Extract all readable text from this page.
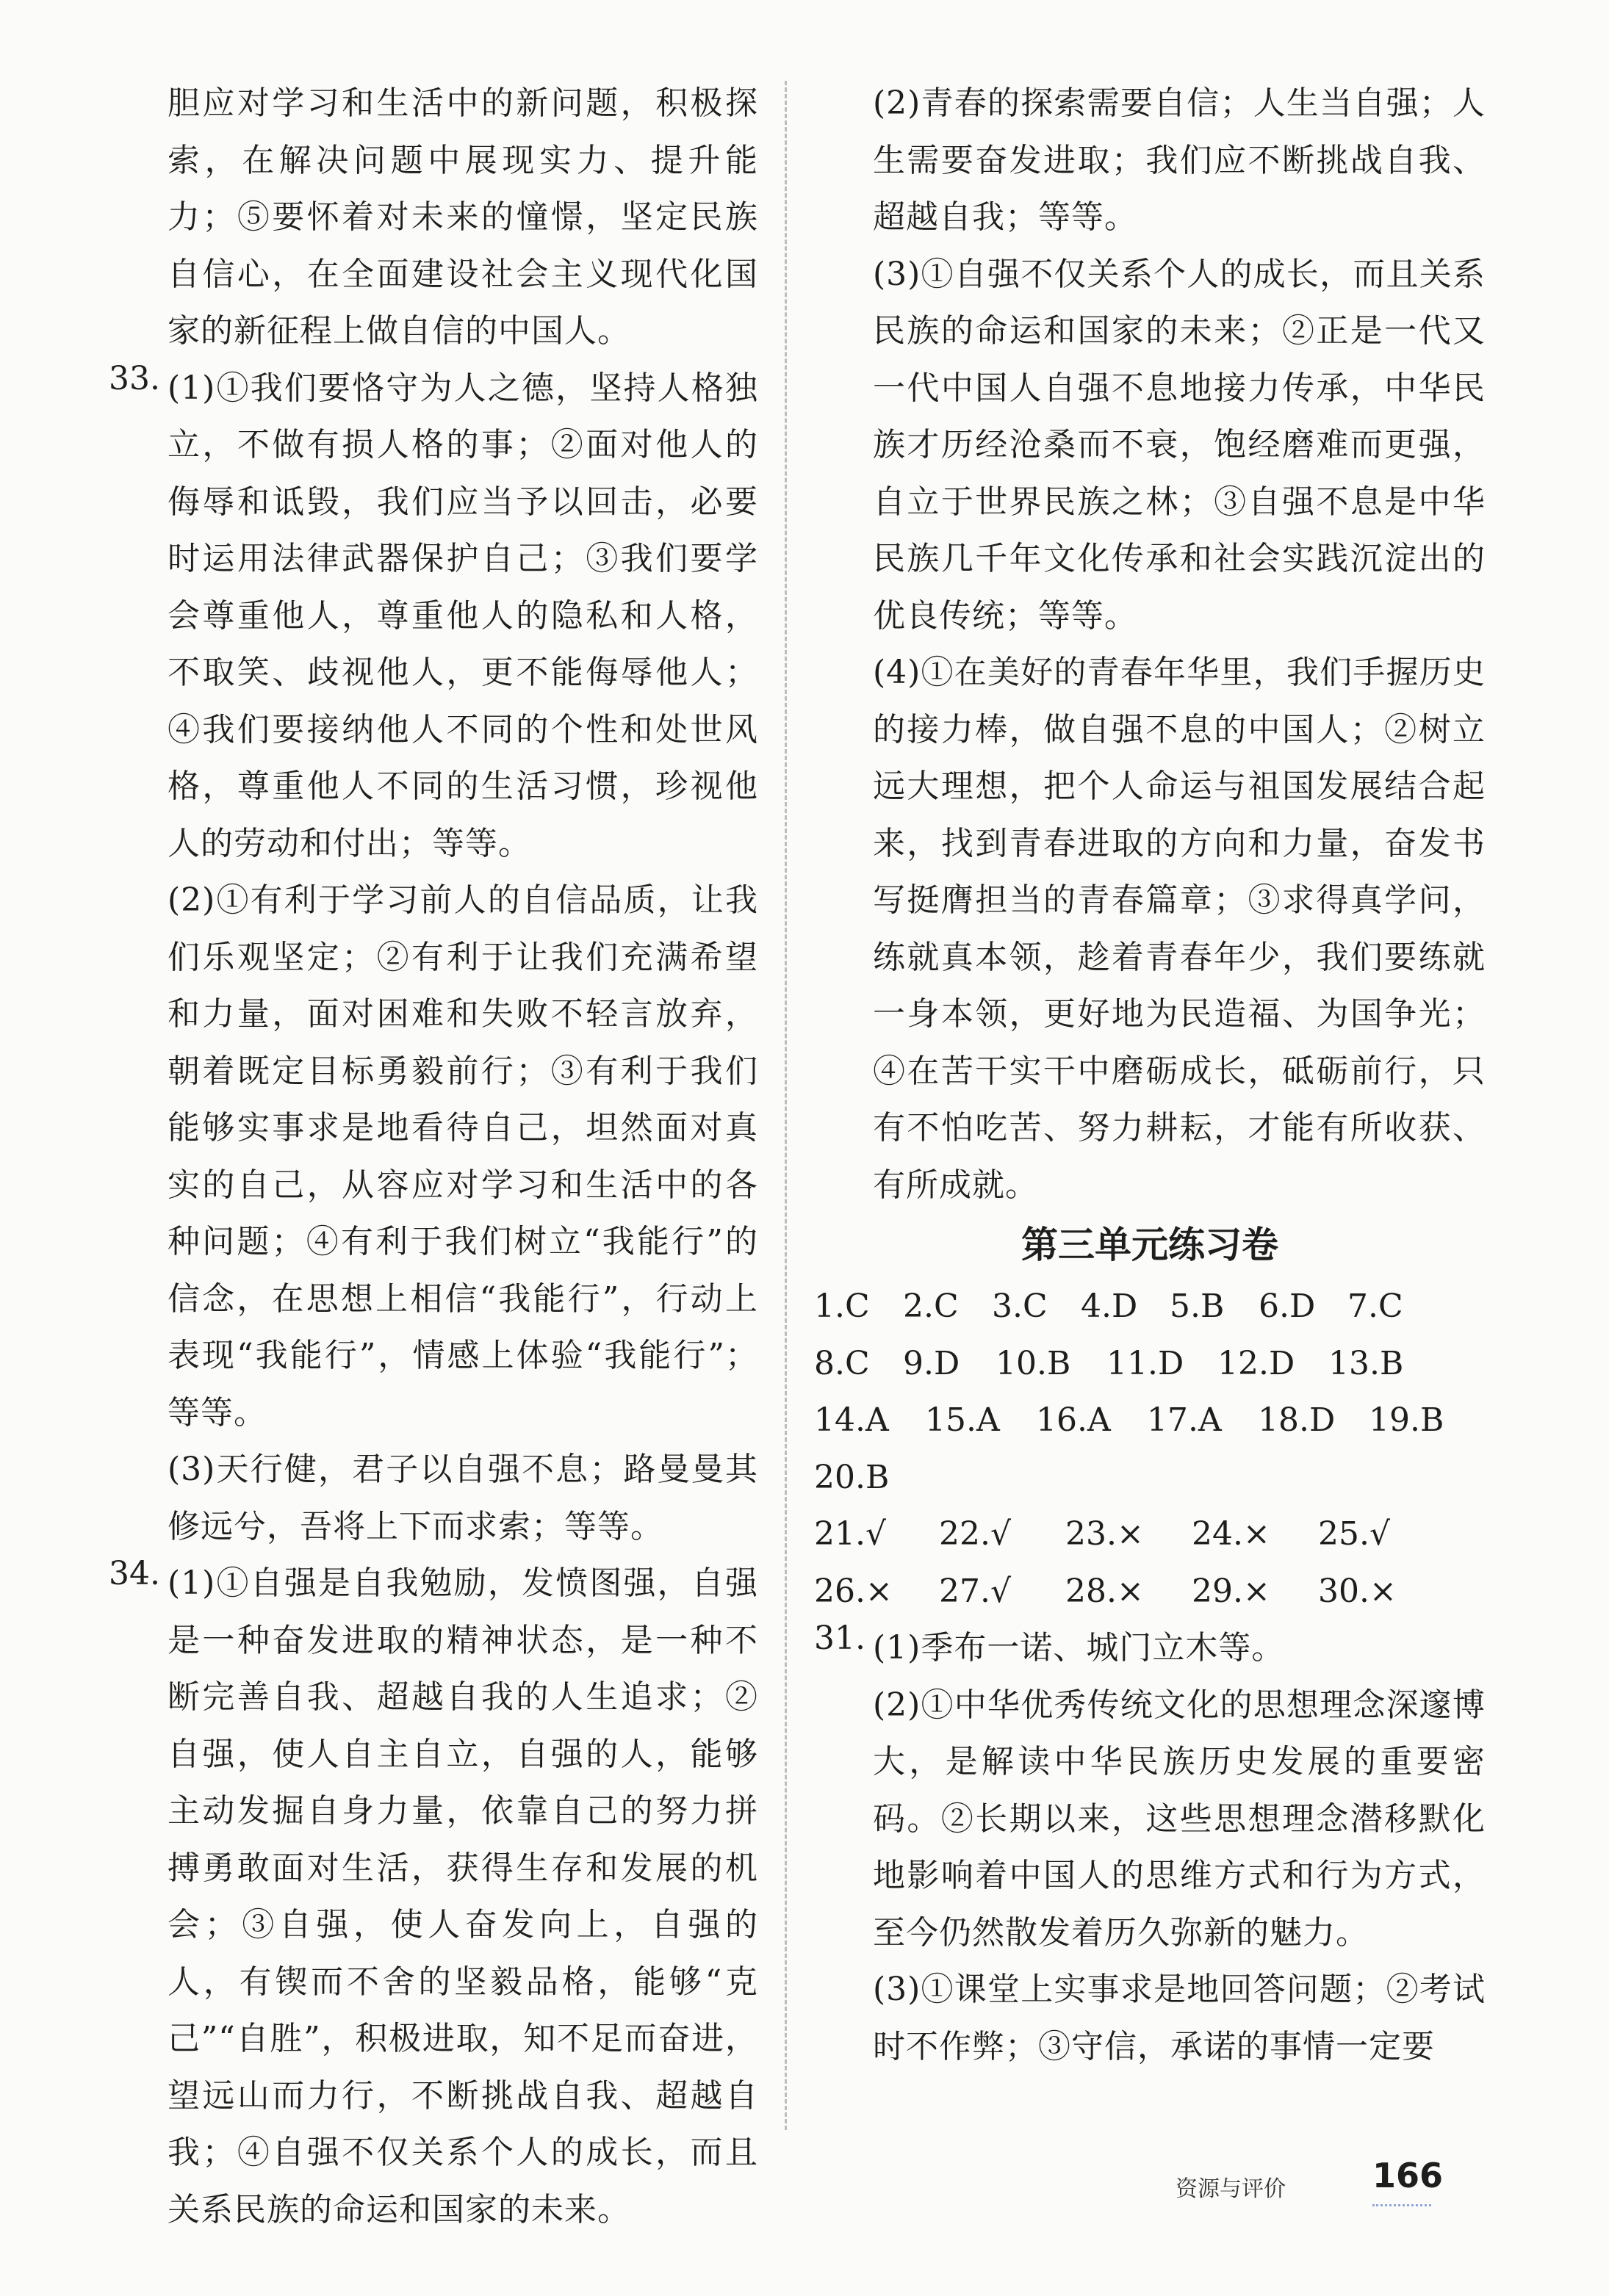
胆应对学习和生活中的新问题，积极探索，在解决问题中展现实力、提升能力；⑤要怀着对未来的憧憬，坚定民族自信心，在全面建设社会主义现代化国家的新征程上做自信的中国人。

33. (1)①我们要恪守为人之德，坚持人格独立，不做有损人格的事；②面对他人的侮辱和诋毁，我们应当予以回击，必要时运用法律武器保护自己；③我们要学会尊重他人，尊重他人的隐私和人格，不取笑、歧视他人，更不能侮辱他人；④我们要接纳他人不同的个性和处世风格，尊重他人不同的生活习惯，珍视他人的劳动和付出；等等。

(2)①有利于学习前人的自信品质，让我们乐观坚定；②有利于让我们充满希望和力量，面对困难和失败不轻言放弃，朝着既定目标勇毅前行；③有利于我们能够实事求是地看待自己，坦然面对真实的自己，从容应对学习和生活中的各种问题；④有利于我们树立“我能行”的信念，在思想上相信“我能行”，行动上表现“我能行”，情感上体验“我能行”；等等。

(3)天行健，君子以自强不息；路曼曼其修远兮，吾将上下而求索；等等。

34. (1)①自强是自我勉励，发愤图强，自强是一种奋发进取的精神状态，是一种不断完善自我、超越自我的人生追求；②自强，使人自主自立，自强的人，能够主动发掘自身力量，依靠自己的努力拼搏勇敢面对生活，获得生存和发展的机会；③自强，使人奋发向上，自强的人，有锲而不舍的坚毅品格，能够“克己”“自胜”，积极进取，知不足而奋进，望远山而力行，不断挑战自我、超越自我；④自强不仅关系个人的成长，而且关系民族的命运和国家的未来。

(2)青春的探索需要自信；人生当自强；人生需要奋发进取；我们应不断挑战自我、超越自我；等等。

(3)①自强不仅关系个人的成长，而且关系民族的命运和国家的未来；②正是一代又一代中国人自强不息地接力传承，中华民族才历经沧桑而不衰，饱经磨难而更强，自立于世界民族之林；③自强不息是中华民族几千年文化传承和社会实践沉淀出的优良传统；等等。

(4)①在美好的青春年华里，我们手握历史的接力棒，做自强不息的中国人；②树立远大理想，把个人命运与祖国发展结合起来，找到青春进取的方向和力量，奋发书写挺膺担当的青春篇章；③求得真学问，练就真本领，趁着青春年少，我们要练就一身本领，更好地为民造福、为国争光；④在苦干实干中磨砺成长，砥砺前行，只有不怕吃苦、努力耕耘，才能有所收获、有所成就。

第三单元练习卷
1.C 2.C 3.C 4.D 5.B 6.D 7.C
8.C 9.D 10.B 11.D 12.D 13.B
14.A 15.A 16.A 17.A 18.D 19.B
20.B
21.√ 22.√ 23.× 24.× 25.√
26.× 27.√ 28.× 29.× 30.×
31. (1)季布一诺、城门立木等。

(2)①中华优秀传统文化的思想理念深邃博大，是解读中华民族历史发展的重要密码。②长期以来，这些思想理念潜移默化地影响着中国人的思维方式和行为方式，至今仍然散发着历久弥新的魅力。

(3)①课堂上实事求是地回答问题；②考试时不作弊；③守信，承诺的事情一定要

资源与评价	166
